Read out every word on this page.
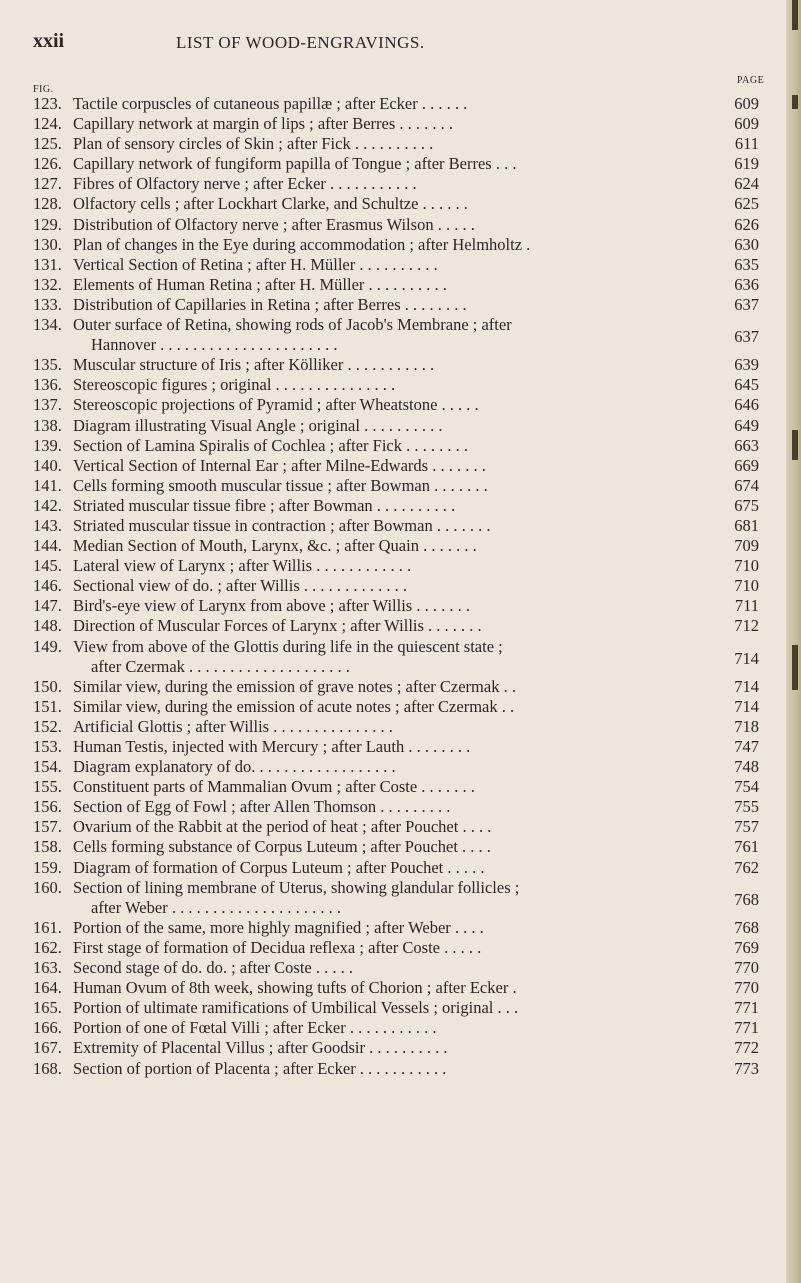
xxii	LIST OF WOOD-ENGRAVINGS.
FIG.
PAGE
123. Tactile corpuscles of cutaneous papillæ ; after Ecker . . . . . .	609
124. Capillary network at margin of lips ; after Berres . . . . . . .	609
125. Plan of sensory circles of Skin ; after Fick . . . . . . . . . .	611
126. Capillary network of fungiform papilla of Tongue ; after Berres . . .	619
127. Fibres of Olfactory nerve ; after Ecker . . . . . . . . . . .	624
128. Olfactory cells ; after Lockhart Clarke, and Schultze . . . . . .	625
129. Distribution of Olfactory nerve ; after Erasmus Wilson . . . . .	626
130. Plan of changes in the Eye during accommodation ; after Helmholtz .	630
131. Vertical Section of Retina ; after H. Müller . . . . . . . . . .	635
132. Elements of Human Retina ; after H. Müller . . . . . . . . . .	636
133. Distribution of Capillaries in Retina ; after Berres . . . . . . . .	637
134. Outer surface of Retina, showing rods of Jacob's Membrane ; after
Hannover . . . . . . . . . . . . . . . . . . . . . .	637
135. Muscular structure of Iris ; after Kölliker . . . . . . . . . . .	639
136. Stereoscopic figures ; original . . . . . . . . . . . . . . .	645
137. Stereoscopic projections of Pyramid ; after Wheatstone . . . . .	646
138. Diagram illustrating Visual Angle ; original . . . . . . . . . .	649
139. Section of Lamina Spiralis of Cochlea ; after Fick . . . . . . . .	663
140. Vertical Section of Internal Ear ; after Milne-Edwards . . . . . . .	669
141. Cells forming smooth muscular tissue ; after Bowman . . . . . . .	674
142. Striated muscular tissue fibre ; after Bowman . . . . . . . . . .	675
143. Striated muscular tissue in contraction ; after Bowman . . . . . . .	681
144. Median Section of Mouth, Larynx, &c. ; after Quain . . . . . . .	709
145. Lateral view of Larynx ; after Willis . . . . . . . . . . . .	710
146. Sectional view of do. ; after Willis . . . . . . . . . . . . .	710
147. Bird's-eye view of Larynx from above ; after Willis . . . . . . .	711
148. Direction of Muscular Forces of Larynx ; after Willis . . . . . . .	712
149. View from above of the Glottis during life in the quiescent state ;
after Czermak . . . . . . . . . . . . . . . . . . . .	714
150. Similar view, during the emission of grave notes ; after Czermak . .	714
151. Similar view, during the emission of acute notes ; after Czermak . .	714
152. Artificial Glottis ; after Willis . . . . . . . . . . . . . . .	718
153. Human Testis, injected with Mercury ; after Lauth . . . . . . . .	747
154. Diagram explanatory of do. . . . . . . . . . . . . . . . . .	748
155. Constituent parts of Mammalian Ovum ; after Coste . . . . . . .	754
156. Section of Egg of Fowl ; after Allen Thomson . . . . . . . . .	755
157. Ovarium of the Rabbit at the period of heat ; after Pouchet . . . .	757
158. Cells forming substance of Corpus Luteum ; after Pouchet . . . .	761
159. Diagram of formation of Corpus Luteum ; after Pouchet . . . . .	762
160. Section of lining membrane of Uterus, showing glandular follicles ;
after Weber . . . . . . . . . . . . . . . . . . . . .	768
161. Portion of the same, more highly magnified ; after Weber . . . .	768
162. First stage of formation of Decidua reflexa ; after Coste . . . . .	769
163. Second stage of do. do. ; after Coste . . . . .	770
164. Human Ovum of 8th week, showing tufts of Chorion ; after Ecker .	770
165. Portion of ultimate ramifications of Umbilical Vessels ; original . . .	771
166. Portion of one of Fœtal Villi ; after Ecker . . . . . . . . . . .	771
167. Extremity of Placental Villus ; after Goodsir . . . . . . . . . .	772
168. Section of portion of Placenta ; after Ecker . . . . . . . . . . .	773
